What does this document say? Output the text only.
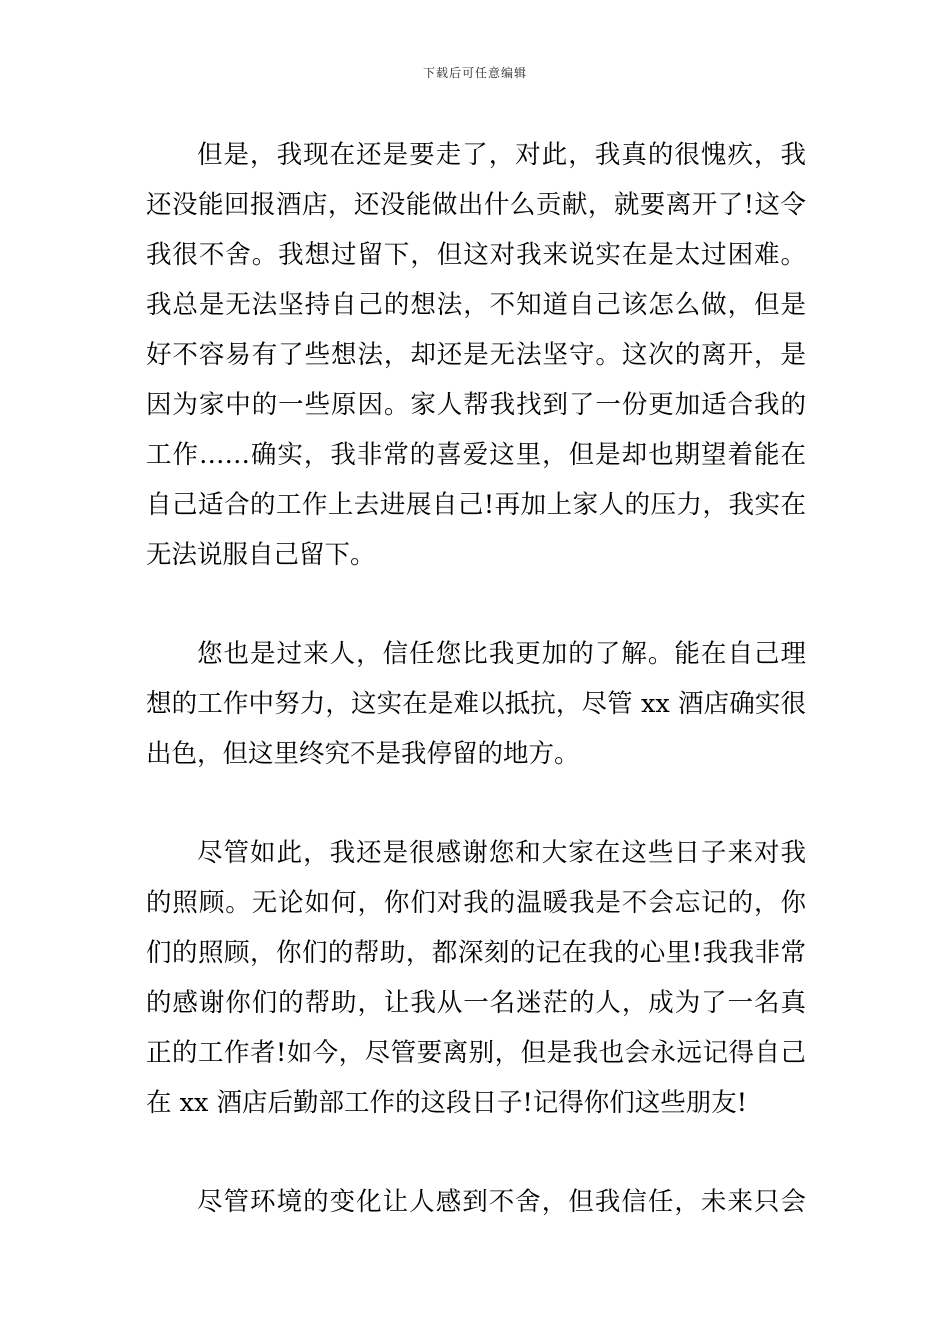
下载后可任意编辑
但是，我现在还是要走了，对此，我真的很愧疚，我
还没能回报酒店，还没能做出什么贡献，就要离开了!这令
我很不舍。我想过留下，但这对我来说实在是太过困难。
我总是无法坚持自己的想法，不知道自己该怎么做，但是
好不容易有了些想法，却还是无法坚守。这次的离开，是
因为家中的一些原因。家人帮我找到了一份更加适合我的
工作……确实，我非常的喜爱这里，但是却也期望着能在
自己适合的工作上去进展自己!再加上家人的压力，我实在
无法说服自己留下。
您也是过来人，信任您比我更加的了解。能在自己理
想的工作中努力，这实在是难以抵抗，尽管 xx 酒店确实很
出色，但这里终究不是我停留的地方。
尽管如此，我还是很感谢您和大家在这些日子来对我
的照顾。无论如何，你们对我的温暖我是不会忘记的，你
们的照顾，你们的帮助，都深刻的记在我的心里!我我非常
的感谢你们的帮助，让我从一名迷茫的人，成为了一名真
正的工作者!如今，尽管要离别，但是我也会永远记得自己
在 xx 酒店后勤部工作的这段日子!记得你们这些朋友!
尽管环境的变化让人感到不舍，但我信任，未来只会
